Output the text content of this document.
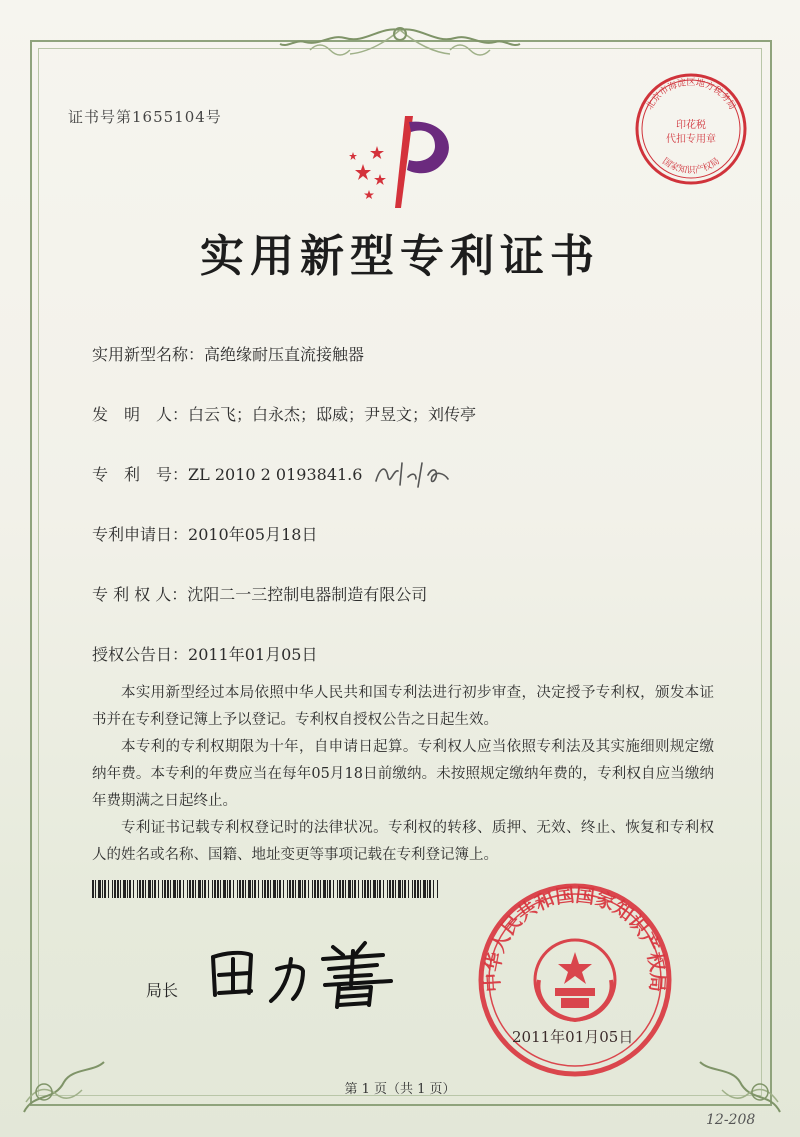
证书号第1655104号
北京市海淀区地方税务局
国家知识产权局
印花税
代扣专用章
实用新型专利证书
实用新型名称：高绝缘耐压直流接触器
发　明　人：白云飞；白永杰；邸威；尹昱文；刘传亭
专　利　号：ZL 2010 2 0193841.6
专利申请日：2010年05月18日
专 利 权 人：沈阳二一三控制电器制造有限公司
授权公告日：2011年01月05日

本实用新型经过本局依照中华人民共和国专利法进行初步审查，决定授予专利权，颁发本证书并在专利登记簿上予以登记。专利权自授权公告之日起生效。

本专利的专利权期限为十年，自申请日起算。专利权人应当依照专利法及其实施细则规定缴纳年费。本专利的年费应当在每年05月18日前缴纳。未按照规定缴纳年费的，专利权自应当缴纳年费期满之日起终止。

专利证书记载专利权登记时的法律状况。专利权的转移、质押、无效、终止、恢复和专利权人的姓名或名称、国籍、地址变更等事项记载在专利登记簿上。

局长	中华人民共和国国家知识产权局
2011年01月05日
第 1 页（共 1 页）
12-208
